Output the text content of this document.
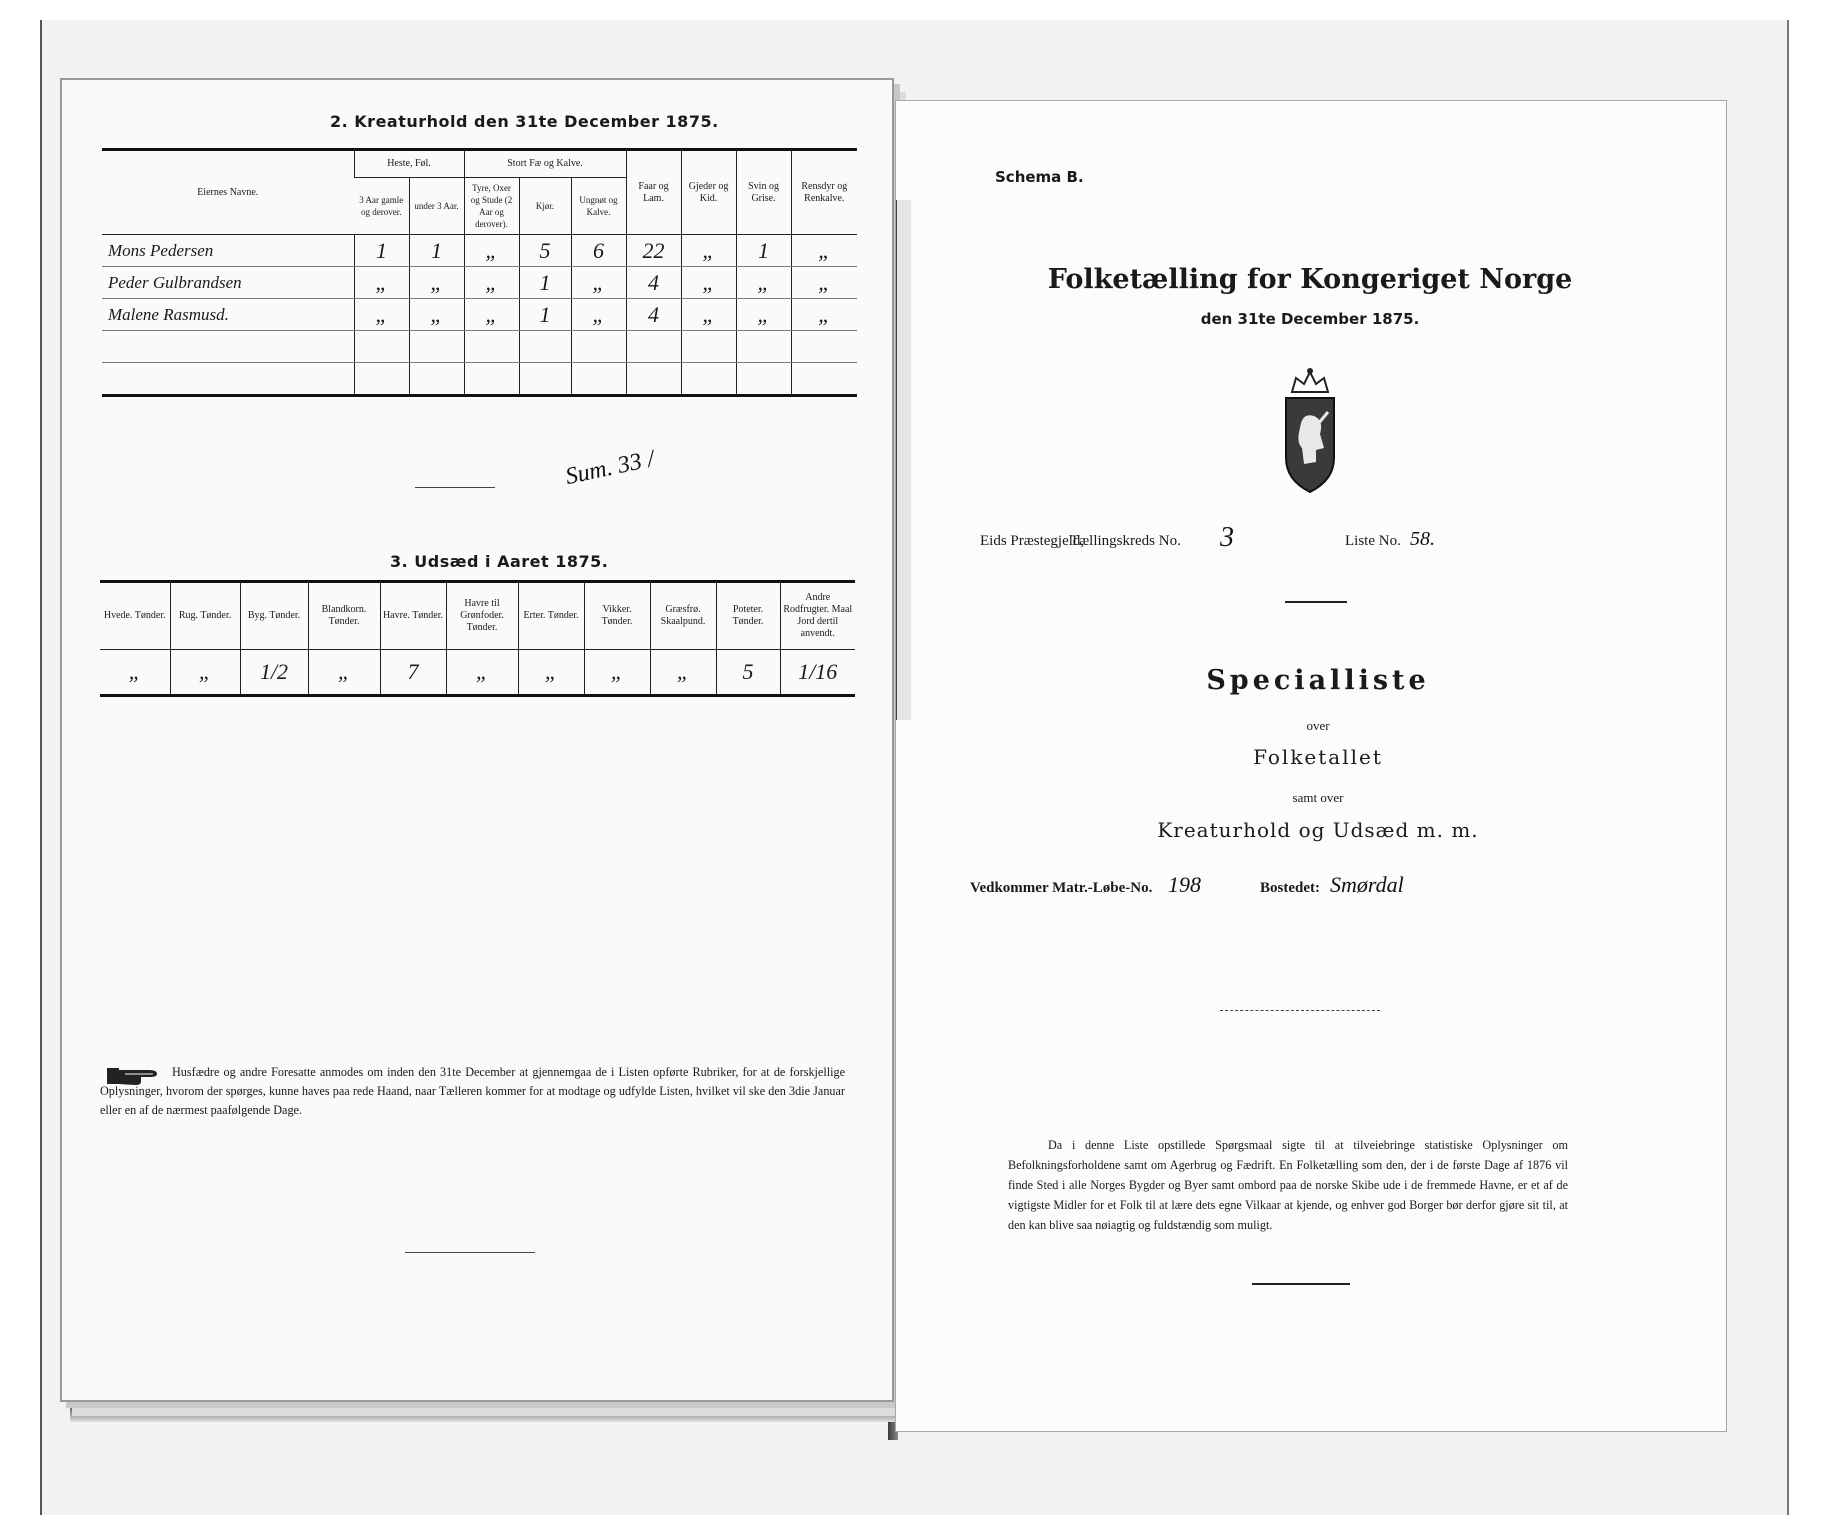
2. Kreaturhold den 31te December 1875.
Eiernes Navne.	Heste, Føl.		Stort Fæ og Kalve.			Faar og Lam.	Gjeder og Kid.	Svin og Grise.	Rensdyr og Renkalve.
	3 Aar gamle og derover.	under 3 Aar.	Tyre, Oxer og Stude (2 Aar og derover).	Kjør.	Ungnøt og Kalve.				
Mons Pedersen	1	1	„	5	6	22	„	1	„
Peder Gulbrandsen	„	„	„	1	„	4	„	„	„
Malene Rasmusd.	„	„	„	1	„	4	„	„	„

Sum. 33 /
3. Udsæd i Aaret 1875.
Hvede. Tønder.	Rug. Tønder.	Byg. Tønder.	Blandkorn. Tønder.	Havre. Tønder.	Havre til Grønfoder. Tønder.	Erter. Tønder.	Vikker. Tønder.	Græsfrø. Skaalpund.	Poteter. Tønder.	Andre Rodfrugter. Maal Jord dertil anvendt.
„	„	1/2	„	7	„	„	„	„	5	1/16

Husfædre og andre Foresatte anmodes om inden den 31te December at gjennemgaa de i Listen opførte Rubriker, for at de forskjellige Oplysninger, hvorom der spørges, kunne haves paa rede Haand, naar Tælleren kommer for at modtage og udfylde Listen, hvilket vil ske den 3die Januar eller en af de nærmest paafølgende Dage.

Schema B.
Folketælling for Kongeriget Norge
den 31te December 1875.
Eids Præstegjeld,
Tællingskreds No. 3	Liste No. 58.
Specialliste
over
Folketallet
samt over
Kreaturhold og Udsæd m. m.
Vedkommer Matr.-Løbe-No. 198	Bostedet: Smørdal
Da i denne Liste opstillede Spørgsmaal sigte til at tilveiebringe statistiske Oplysninger om Befolkningsforholdene samt om Agerbrug og Fædrift. En Folketælling som den, der i de første Dage af 1876 vil finde Sted i alle Norges Bygder og Byer samt ombord paa de norske Skibe ude i de fremmede Havne, er et af de vigtigste Midler for et Folk til at lære dets egne Vilkaar at kjende, og enhver god Borger bør derfor gjøre sit til, at den kan blive saa nøiagtig og fuldstændig som muligt.
